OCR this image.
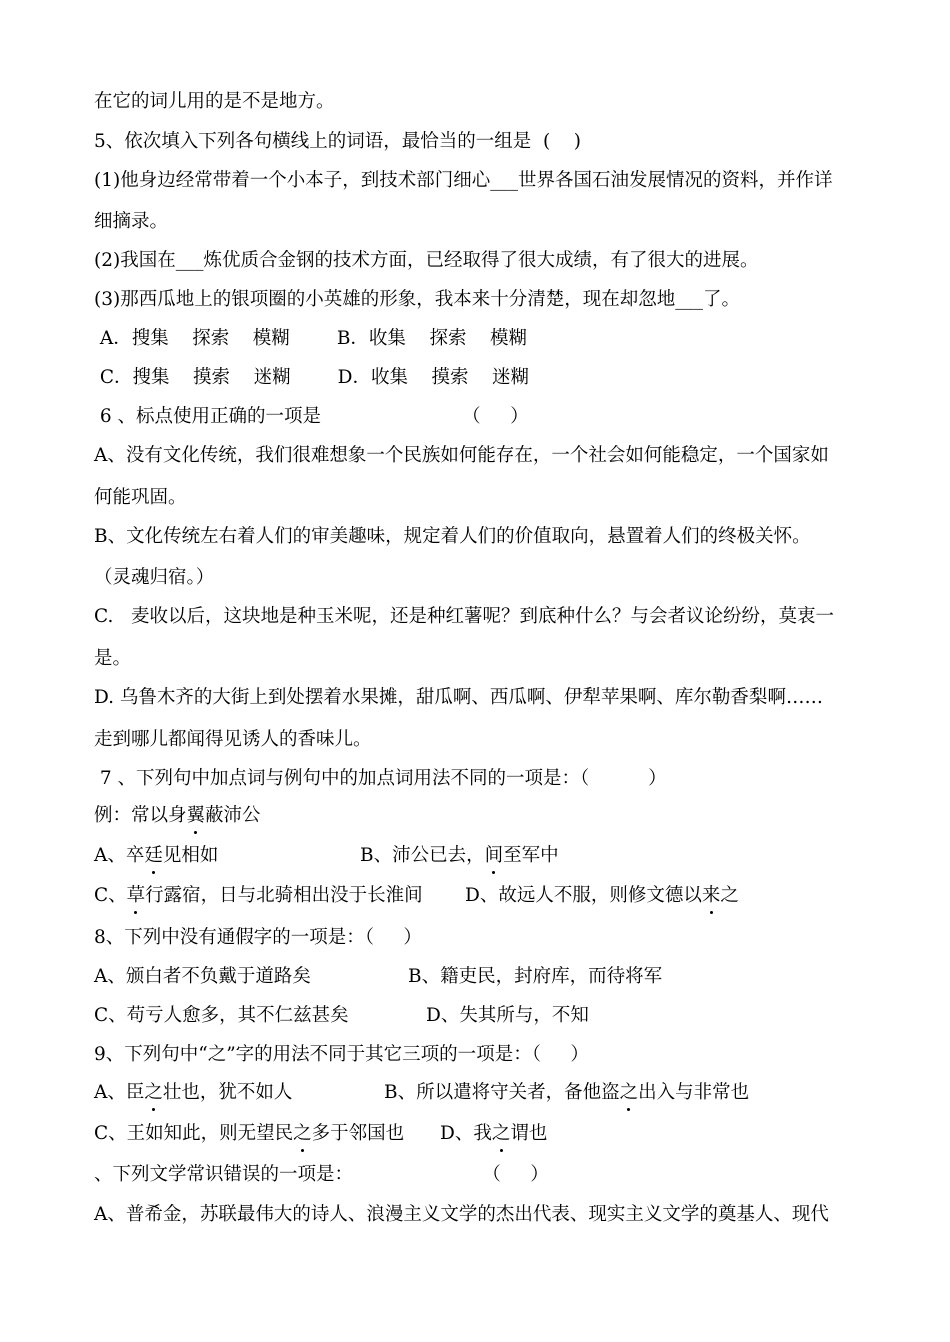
在它的词儿用的是不是地方。
5、依次填入下列各句横线上的词语，最恰当的一组是  (    )
(1)他身边经常带着一个小本子，到技术部门细心___世界各国石油发展情况的资料，并作详
细摘录。
(2)我国在___炼优质合金钢的技术方面，已经取得了很大成绩，有了很大的进展。
(3)那西瓜地上的银项圈的小英雄的形象，我本来十分清楚，现在却忽地___了。
A．搜集    探索    模糊        B．收集    探索    模糊
C．搜集    摸索    迷糊        D．收集    摸索    迷糊
6 、标点使用正确的一项是                        （     ）
A、没有文化传统，我们很难想象一个民族如何能存在，一个社会如何能稳定，一个国家如
何能巩固。
B、文化传统左右着人们的审美趣味，规定着人们的价值取向，悬置着人们的终极关怀。
（灵魂归宿。）
C.   麦收以后，这块地是种玉米呢，还是种红薯呢？到底种什么？与会者议论纷纷，莫衷一
是。
D. 乌鲁木齐的大街上到处摆着水果摊，甜瓜啊、西瓜啊、伊犁苹果啊、库尔勒香梨啊……
走到哪儿都闻得见诱人的香味儿。
7 、下列句中加点词与例句中的加点词用法不同的一项是：（          ）
例：常以身翼蔽沛公
A、卒廷见相如	B、沛公已去，间至军中
C、草行露宿，日与北骑相出没于长淮间 D、故远人不服，则修文德以来之
8、下列中没有通假字的一项是：（     ）
A、颁白者不负戴于道路矣	B、籍吏民，封府库，而待将军
C、苟亏人愈多，其不仁兹甚矣	D、失其所与，不知
9、下列句中“之”字的用法不同于其它三项的一项是：（     ）
A、臣之壮也，犹不如人	B、所以遣将守关者，备他盗之出入与非常也
C、王如知此，则无望民之多于邻国也 D、我之谓也
、下列文学常识错误的一项是：                      （     ）
A、普希金，苏联最伟大的诗人、浪漫主义文学的杰出代表、现实主义文学的奠基人、现代
